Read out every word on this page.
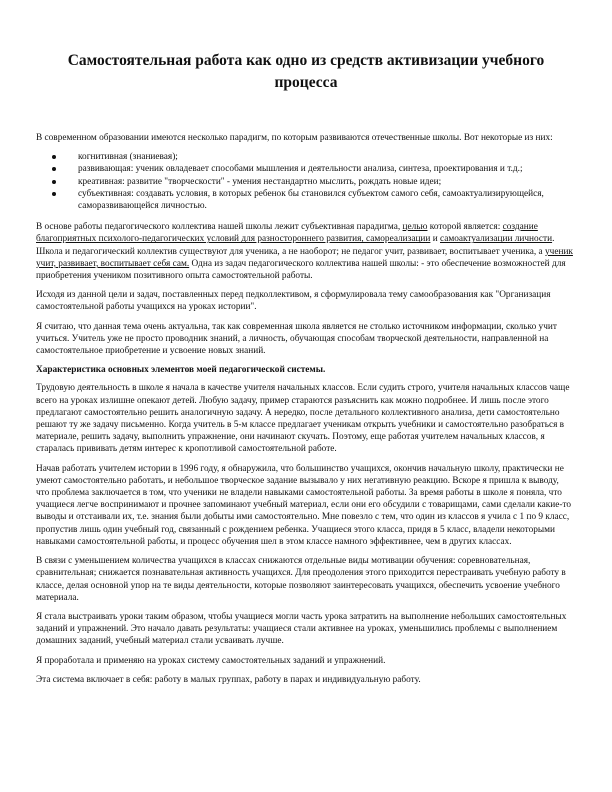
Самостоятельная работа как одно из средств активизации учебного процесса

В современном образовании имеются несколько парадигм, по которым развиваются отечественные школы. Вот некоторые из них:

когнитивная (знаниевая);
развивающая: ученик овладевает способами мышления и деятельности анализа, синтеза, проектирования и т.д.;
креативная: развитие "творческости" - умения нестандартно мыслить, рождать новые идеи;
субъективная: создавать условия, в которых ребенок бы становился субъектом самого себя, самоактуализирующейся, саморазвивающейся личностью.

В основе работы педагогического коллектива нашей школы лежит субъективная парадигма, целью которой является: создание благоприятных психолого-педагогических условий для разностороннего развития, самореализации и самоактуализации личности. Школа и педагогический коллектив существуют для ученика, а не наоборот; не педагог учит, развивает, воспитывает ученика, а ученик учит, развивает, воспитывает себя сам. Одна из задач педагогического коллектива нашей школы: - это обеспечение возможностей для приобретения учеником позитивного опыта самостоятельной работы.

Исходя из данной цели и задач, поставленных перед педколлективом, я сформулировала тему самообразования как "Организация самостоятельной работы учащихся на уроках истории".

Я считаю, что данная тема очень актуальна, так как современная школа является не столько источником информации, сколько учит учиться. Учитель уже не просто проводник знаний, а личность, обучающая способам творческой деятельности, направленной на самостоятельное приобретение и усвоение новых знаний.

Характеристика основных элементов моей педагогической системы.

Трудовую деятельность в школе я начала в качестве учителя начальных классов. Если судить строго, учителя начальных классов чаще всего на уроках излишне опекают детей. Любую задачу, пример стараются разъяснить как можно подробнее. И лишь после этого предлагают самостоятельно решить аналогичную задачу. А нередко, после детального коллективного анализа, дети самостоятельно решают ту же задачу письменно. Когда учитель в 5-м классе предлагает ученикам открыть учебники и самостоятельно разобраться в материале, решить задачу, выполнить упражнение, они начинают скучать. Поэтому, еще работая учителем начальных классов, я старалась прививать детям интерес к кропотливой самостоятельной работе.

Начав работать учителем истории в 1996 году, я обнаружила, что большинство учащихся, окончив начальную школу, практически не умеют самостоятельно работать, и небольшое творческое задание вызывало у них негативную реакцию. Вскоре я пришла к выводу, что проблема заключается в том, что ученики не владели навыками самостоятельной работы. За время работы в школе я поняла, что учащиеся легче воспринимают и прочнее запоминают учебный материал, если они его обсудили с товарищами, сами сделали какие-то выводы и отстаивали их, т.е. знания были добыты ими самостоятельно. Мне повезло с тем, что один из классов я учила с 1 по 9 класс, пропустив лишь один учебный год, связанный с рождением ребенка. Учащиеся этого класса, придя в 5 класс, владели некоторыми навыками самостоятельной работы, и процесс обучения шел в этом классе намного эффективнее, чем в других классах.

В связи с уменьшением количества учащихся в классах снижаются отдельные виды мотивации обучения: соревновательная, сравнительная; снижается познавательная активность учащихся. Для преодоления этого приходится перестраивать учебную работу в классе, делая основной упор на те виды деятельности, которые позволяют заинтересовать учащихся, обеспечить усвоение учебного материала.

Я стала выстраивать уроки таким образом, чтобы учащиеся могли часть урока затратить на выполнение небольших самостоятельных заданий и упражнений. Это начало давать результаты: учащиеся стали активнее на уроках, уменьшились проблемы с выполнением домашних заданий, учебный материал стали усваивать лучше.

Я проработала и применяю на уроках систему самостоятельных заданий и упражнений.

Эта система включает в себя: работу в малых группах, работу в парах и индивидуальную работу.
